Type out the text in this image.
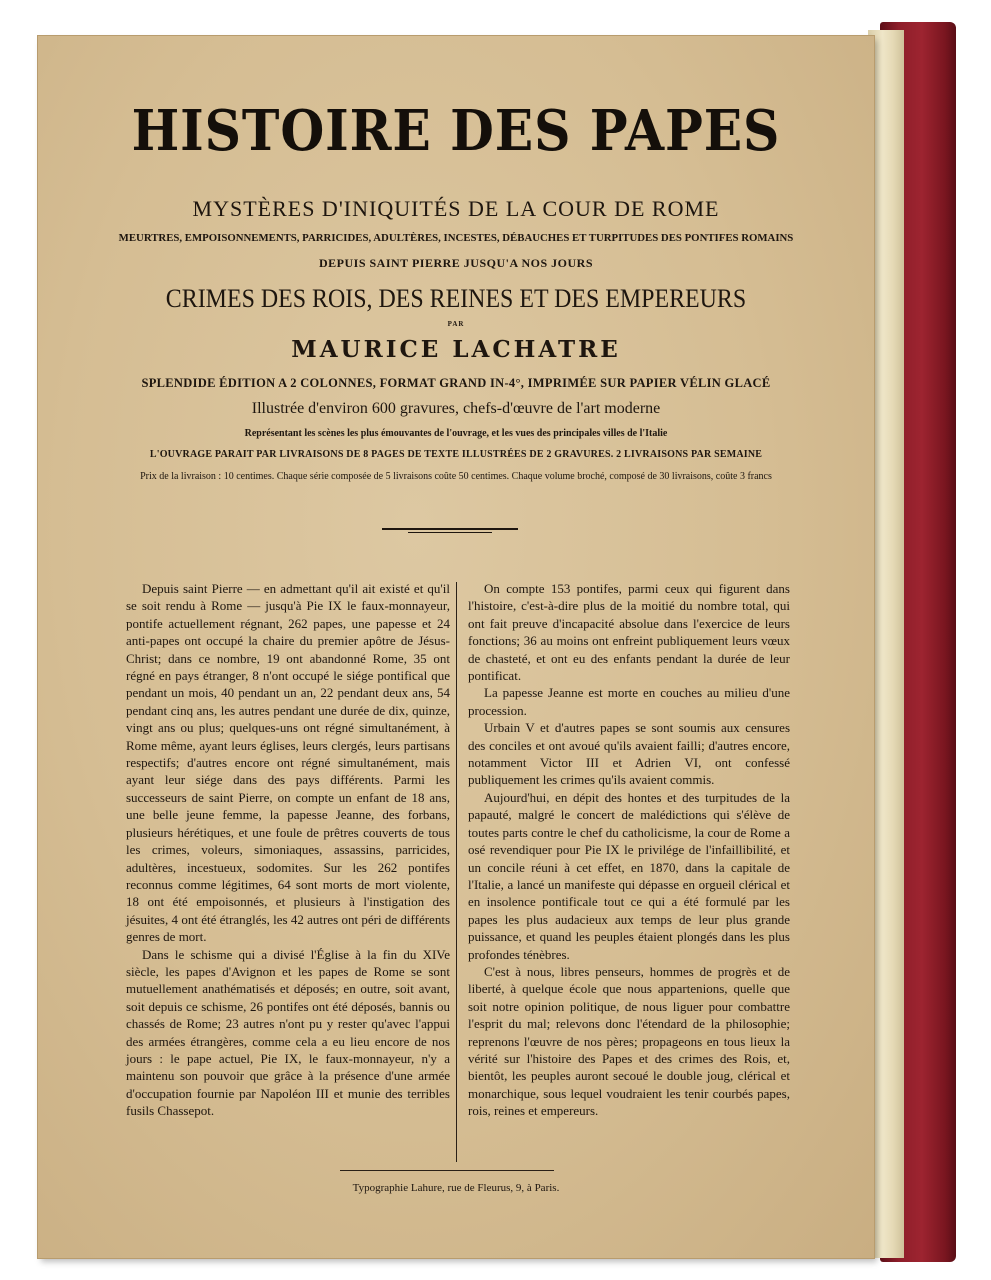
HISTOIRE DES PAPES
MYSTÈRES D'INIQUITÉS DE LA COUR DE ROME
MEURTRES, EMPOISONNEMENTS, PARRICIDES, ADULTÈRES, INCESTES, DÉBAUCHES ET TURPITUDES DES PONTIFES ROMAINS
DEPUIS SAINT PIERRE JUSQU'A NOS JOURS
CRIMES DES ROIS, DES REINES ET DES EMPEREURS
PAR
MAURICE LACHATRE
SPLENDIDE ÉDITION A 2 COLONNES, FORMAT GRAND IN-4°, IMPRIMÉE SUR PAPIER VÉLIN GLACÉ
Illustrée d'environ 600 gravures, chefs-d'œuvre de l'art moderne
Représentant les scènes les plus émouvantes de l'ouvrage, et les vues des principales villes de l'Italie
L'OUVRAGE PARAIT PAR LIVRAISONS DE 8 PAGES DE TEXTE ILLUSTRÉES DE 2 GRAVURES. 2 LIVRAISONS PAR SEMAINE
Prix de la livraison : 10 centimes. Chaque série composée de 5 livraisons coûte 50 centimes. Chaque volume broché, composé de 30 livraisons, coûte 3 francs

Depuis saint Pierre — en admettant qu'il ait existé et qu'il se soit rendu à Rome — jusqu'à Pie IX le faux-monnayeur, pontife actuellement régnant, 262 papes, une papesse et 24 anti-papes ont occupé la chaire du premier apôtre de Jésus-Christ; dans ce nombre, 19 ont abandonné Rome, 35 ont régné en pays étranger, 8 n'ont occupé le siége pontifical que pendant un mois, 40 pendant un an, 22 pendant deux ans, 54 pendant cinq ans, les autres pendant une durée de dix, quinze, vingt ans ou plus; quelques-uns ont régné simultanément, à Rome même, ayant leurs églises, leurs clergés, leurs partisans respectifs; d'autres encore ont régné simultanément, mais ayant leur siége dans des pays différents. Parmi les successeurs de saint Pierre, on compte un enfant de 18 ans, une belle jeune femme, la papesse Jeanne, des forbans, plusieurs hérétiques, et une foule de prêtres couverts de tous les crimes, voleurs, simoniaques, assassins, parricides, adultères, incestueux, sodomites. Sur les 262 pontifes reconnus comme légitimes, 64 sont morts de mort violente, 18 ont été empoisonnés, et plusieurs à l'instigation des jésuites, 4 ont été étranglés, les 42 autres ont péri de différents genres de mort.

Dans le schisme qui a divisé l'Église à la fin du XIVe siècle, les papes d'Avignon et les papes de Rome se sont mutuellement anathématisés et déposés; en outre, soit avant, soit depuis ce schisme, 26 pontifes ont été déposés, bannis ou chassés de Rome; 23 autres n'ont pu y rester qu'avec l'appui des armées étrangères, comme cela a eu lieu encore de nos jours : le pape actuel, Pie IX, le faux-monnayeur, n'y a maintenu son pouvoir que grâce à la présence d'une armée d'occupation fournie par Napoléon III et munie des terribles fusils Chassepot.

On compte 153 pontifes, parmi ceux qui figurent dans l'histoire, c'est-à-dire plus de la moitié du nombre total, qui ont fait preuve d'incapacité absolue dans l'exercice de leurs fonctions; 36 au moins ont enfreint publiquement leurs vœux de chasteté, et ont eu des enfants pendant la durée de leur pontificat.

La papesse Jeanne est morte en couches au milieu d'une procession.

Urbain V et d'autres papes se sont soumis aux censures des conciles et ont avoué qu'ils avaient failli; d'autres encore, notamment Victor III et Adrien VI, ont confessé publiquement les crimes qu'ils avaient commis.

Aujourd'hui, en dépit des hontes et des turpitudes de la papauté, malgré le concert de malédictions qui s'élève de toutes parts contre le chef du catholicisme, la cour de Rome a osé revendiquer pour Pie IX le privilége de l'infaillibilité, et un concile réuni à cet effet, en 1870, dans la capitale de l'Italie, a lancé un manifeste qui dépasse en orgueil clérical et en insolence pontificale tout ce qui a été formulé par les papes les plus audacieux aux temps de leur plus grande puissance, et quand les peuples étaient plongés dans les plus profondes ténèbres.

C'est à nous, libres penseurs, hommes de progrès et de liberté, à quelque école que nous appartenions, quelle que soit notre opinion politique, de nous liguer pour combattre l'esprit du mal; relevons donc l'étendard de la philosophie; reprenons l'œuvre de nos pères; propageons en tous lieux la vérité sur l'histoire des Papes et des crimes des Rois, et, bientôt, les peuples auront secoué le double joug, clérical et monarchique, sous lequel voudraient les tenir courbés papes, rois, reines et empereurs.

Typographie Lahure, rue de Fleurus, 9, à Paris.
